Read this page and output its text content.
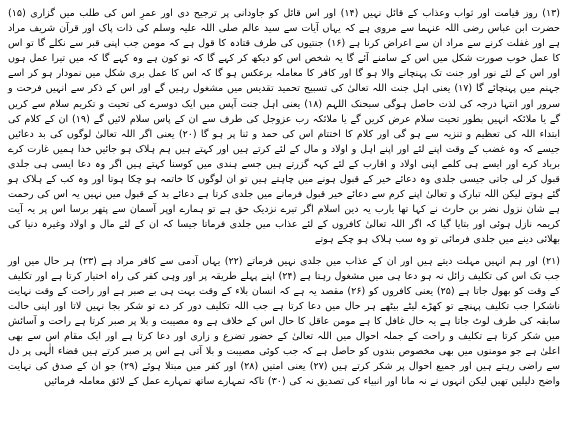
(۱۳) روز قیامت اور ثواب وعذاب کے قائل نہیں (۱۴) اور اس قائل کو جاودانی پر ترجیح دی اور عمرِ اس کی طلب میں گزاری (۱۵) حضرت ابن عباس رضی اللہ عنہما سے مروی ہے کہ یہاں آیات سے سید عالم صلی اللہ علیہ وسلم کی ذات پاک اور قرآن شریف مراد ہے اور غفلت کرنے سے مراد ان سے اعراض کرنا ہے (۱۶) جنتیوں کی طرف قتادہ کا قول ہے کہ مومن جب اپنی قبر سے نکلے گا تو اس کا عمل خوب صورت شکل میں اس کے سامنے آئے گا یہ شخص اس کو دیکھ کر کہے گا کہ تو کون ہے وہ کہے گا کہ میں تیرا عمل ہوں اور اس کے لئے نور اور جنت تک پہنچانے والا ہو گا اور کافر کا معاملہ برعکس ہو گا کہ اس کا عمل بری شکل میں نمودار ہو کر اسے جہنم میں پہنچائے گا (۱۷) یعنی اہل جنت اللہ تعالیٰ کی تسبیح تحمید تقدیس میں مشغول رہیں گے اور اس کے ذکر سے انہیں فرحت و سرور اور انتہا درجہ کی لذت حاصل ہوگی سبحنک اللہم (۱۸) یعنی اہل جنت آپس میں ایک دوسرے کی تحیت و تکریم سلام سے کریں گے یا ملائکہ انہیں بطور تحیت سلام عرض کریں گے یا ملائکہ رب عزوجل کی طرف سے ان کے پاس سلام لائیں گے (۱۹) ان کے کلام کی ابتداء اللہ کی تعظیم و تنزیہ سے ہو گی اور کلام کا اختتام اس کی حمد و ثنا پر ہو گا (۲۰) یعنی اگر اللہ تعالیٰ لوگوں کی بد دعائیں جیسے کہ وہ غضب کے وقت اپنے لئے اور اپنے اہل و اولاد و مال کے لئے کرتے ہیں اور کہتے ہیں ہم ہلاک ہو جائیں خدا ہمیں غارت کرے برباد کرے اور ایسے ہی کلمے اپنی اولاد و اقارب کے لئے کہہ گزرتے ہیں جسے ہندی میں کوسنا کہتے ہیں اگر وہ دعا ایسی ہی جلدی قبول کر لی جاتی جیسی جلدی وہ دعائے خیر کے قبول ہونے میں چاہتے ہیں تو ان لوگوں کا خاتمہ ہو چکا ہوتا اور وہ کب کے ہلاک ہو گئے ہوتے لیکن اللہ تبارک و تعالیٰ اپنے کرم سے دعائے خیر قبول فرمانے میں جلدی کرتا ہے دعائے بد کے قبول میں نہیں یہ اس کی رحمت ہے شان نزول نضر بن حارث نے کہا تھا یارب یہ دین اسلام اگر تیرے نزدیک حق ہے تو ہمارے اوپر آسمان سے پتھر برسا اس پر یہ آیت کریمہ نازل ہوئی اور بتایا گیا کہ اگر اللہ تعالیٰ کافروں کے لئے عذاب میں جلدی فرماتا جیسا کہ ان کے لئے مال و اولاد وغیرہ دنیا کی بھلائی دینے میں جلدی فرمائی تو وہ سب ہلاک ہو چکے ہوتے

(۲۱) اور ہم انہیں مہلت دیتے ہیں اور ان کے عذاب میں جلدی نہیں فرماتے (۲۲) یہاں آدمی سے کافر مراد ہے (۲۳) ہر حال میں اور جب تک اس کی تکلیف زائل نہ ہو دعا ہی میں مشغول رہتا ہے (۲۴) اپنے پہلے طریقہ پر اور وہی کفر کی راہ اختیار کرتا ہے اور تکلیف کے وقت کو بھول جاتا ہے (۲۵) یعنی کافروں کو (۲۶) مقصد یہ ہے کہ انسان بلاء کے وقت بہت ہی بے صبر ہے اور راحت کے وقت نہایت ناشکرا جب تکلیف پہنچے تو کھڑے لیٹے بیٹھے ہر حال میں دعا کرتا ہے جب اللہ تکلیف دور کر دے تو شکر بجا نہیں لاتا اور اپنی حالت سابقہ کی طرف لوٹ جاتا ہے یہ حال غافل کا ہے مومن عاقل کا حال اس کے خلاف ہے وہ مصیبت و بلا پر صبر کرتا ہے راحت و آسائش میں شکر کرتا ہے تکلیف و راحت کے جملہ احوال میں اللہ تعالیٰ کے حضور تضرع و زاری اور دعا کرتا ہے اور ایک مقام اس سے بھی اعلیٰ ہے جو مومنوں میں بھی مخصوص بندوں کو حاصل ہے کہ جب کوئی مصیبت و بلا آتی ہے اس پر صبر کرتے ہیں قضاء الٰہی پر دل سے راضی رہتے ہیں اور جمیع احوال پر شکر کرتے ہیں (۲۷) یعنی امتیں (۲۸) اور کفر میں مبتلا ہوئے (۲۹) جو ان کے صدق کی نہایت واضح دلیلیں تھیں لیکن انہوں نے نہ مانا اور انبیاء کی تصدیق نہ کی (۳۰) تاکہ تمہارے ساتھ تمہارے عمل کے لائق معاملہ فرمائیں
